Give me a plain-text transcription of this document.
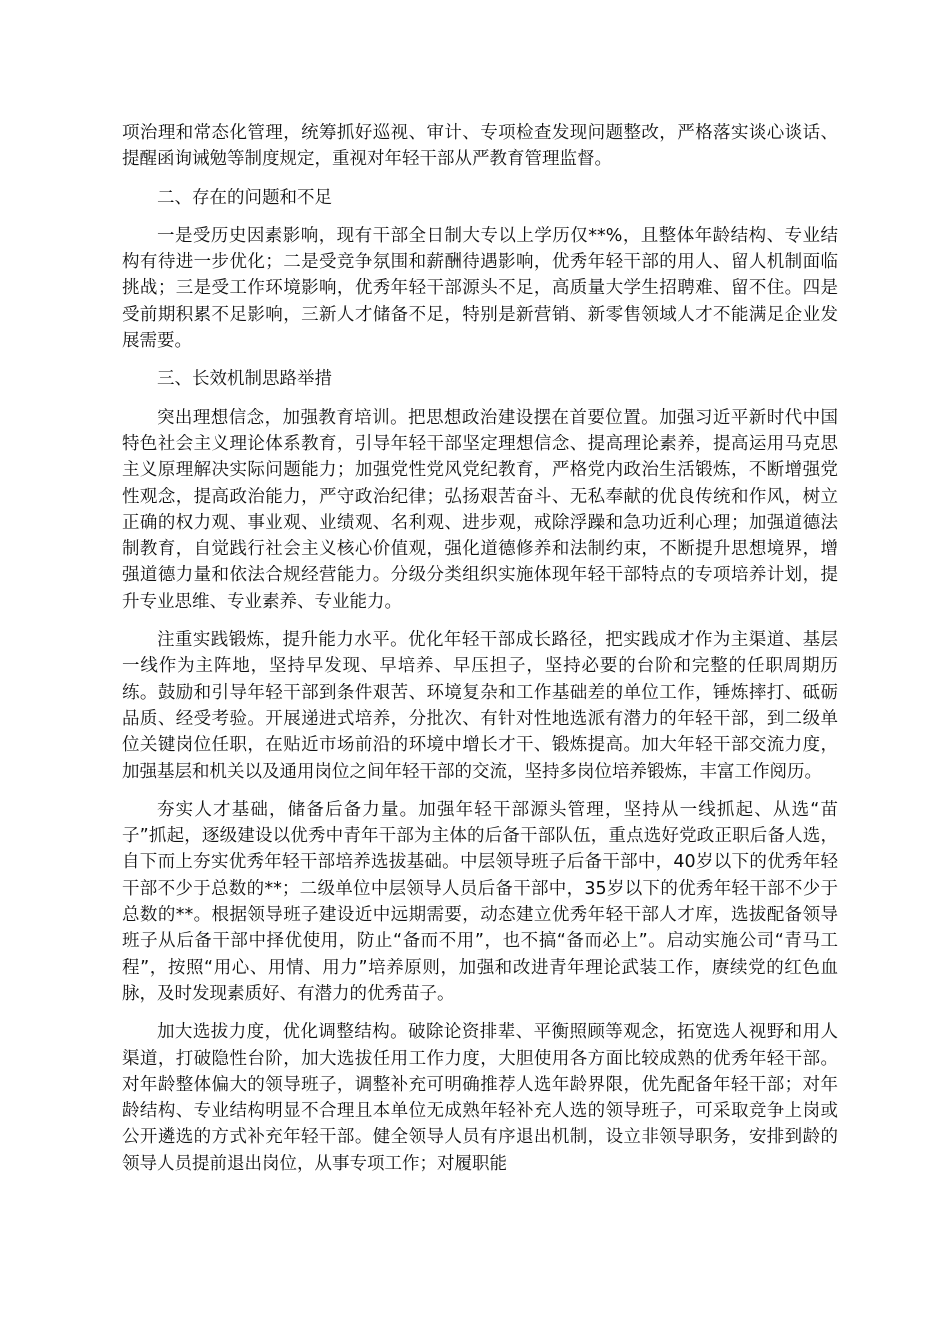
项治理和常态化管理，统筹抓好巡视、审计、专项检查发现问题整改，严格落实谈心谈话、提醒函询诫勉等制度规定，重视对年轻干部从严教育管理监督。

二、存在的问题和不足

一是受历史因素影响，现有干部全日制大专以上学历仅**%，且整体年龄结构、专业结构有待进一步优化；二是受竞争氛围和薪酬待遇影响，优秀年轻干部的用人、留人机制面临挑战；三是受工作环境影响，优秀年轻干部源头不足，高质量大学生招聘难、留不住。四是受前期积累不足影响，三新人才储备不足，特别是新营销、新零售领域人才不能满足企业发展需要。

三、长效机制思路举措

突出理想信念，加强教育培训。把思想政治建设摆在首要位置。加强习近平新时代中国特色社会主义理论体系教育，引导年轻干部坚定理想信念、提高理论素养，提高运用马克思主义原理解决实际问题能力；加强党性党风党纪教育，严格党内政治生活锻炼，不断增强党性观念，提高政治能力，严守政治纪律；弘扬艰苦奋斗、无私奉献的优良传统和作风，树立正确的权力观、事业观、业绩观、名利观、进步观，戒除浮躁和急功近利心理；加强道德法制教育，自觉践行社会主义核心价值观，强化道德修养和法制约束，不断提升思想境界，增强道德力量和依法合规经营能力。分级分类组织实施体现年轻干部特点的专项培养计划，提升专业思维、专业素养、专业能力。

注重实践锻炼，提升能力水平。优化年轻干部成长路径，把实践成才作为主渠道、基层一线作为主阵地，坚持早发现、早培养、早压担子，坚持必要的台阶和完整的任职周期历练。鼓励和引导年轻干部到条件艰苦、环境复杂和工作基础差的单位工作，锤炼摔打、砥砺品质、经受考验。开展递进式培养，分批次、有针对性地选派有潜力的年轻干部，到二级单位关键岗位任职，在贴近市场前沿的环境中增长才干、锻炼提高。加大年轻干部交流力度，加强基层和机关以及通用岗位之间年轻干部的交流，坚持多岗位培养锻炼，丰富工作阅历。

夯实人才基础，储备后备力量。加强年轻干部源头管理，坚持从一线抓起、从选“苗子”抓起，逐级建设以优秀中青年干部为主体的后备干部队伍，重点选好党政正职后备人选，自下而上夯实优秀年轻干部培养选拔基础。中层领导班子后备干部中，40岁以下的优秀年轻干部不少于总数的**；二级单位中层领导人员后备干部中，35岁以下的优秀年轻干部不少于总数的**。根据领导班子建设近中远期需要，动态建立优秀年轻干部人才库，选拔配备领导班子从后备干部中择优使用，防止“备而不用”，也不搞“备而必上”。启动实施公司“青马工程”，按照“用心、用情、用力”培养原则，加强和改进青年理论武装工作，赓续党的红色血脉，及时发现素质好、有潜力的优秀苗子。

加大选拔力度，优化调整结构。破除论资排辈、平衡照顾等观念，拓宽选人视野和用人渠道，打破隐性台阶，加大选拔任用工作力度，大胆使用各方面比较成熟的优秀年轻干部。对年龄整体偏大的领导班子，调整补充可明确推荐人选年龄界限，优先配备年轻干部；对年龄结构、专业结构明显不合理且本单位无成熟年轻补充人选的领导班子，可采取竞争上岗或公开遴选的方式补充年轻干部。健全领导人员有序退出机制，设立非领导职务，安排到龄的领导人员提前退出岗位，从事专项工作；对履职能
